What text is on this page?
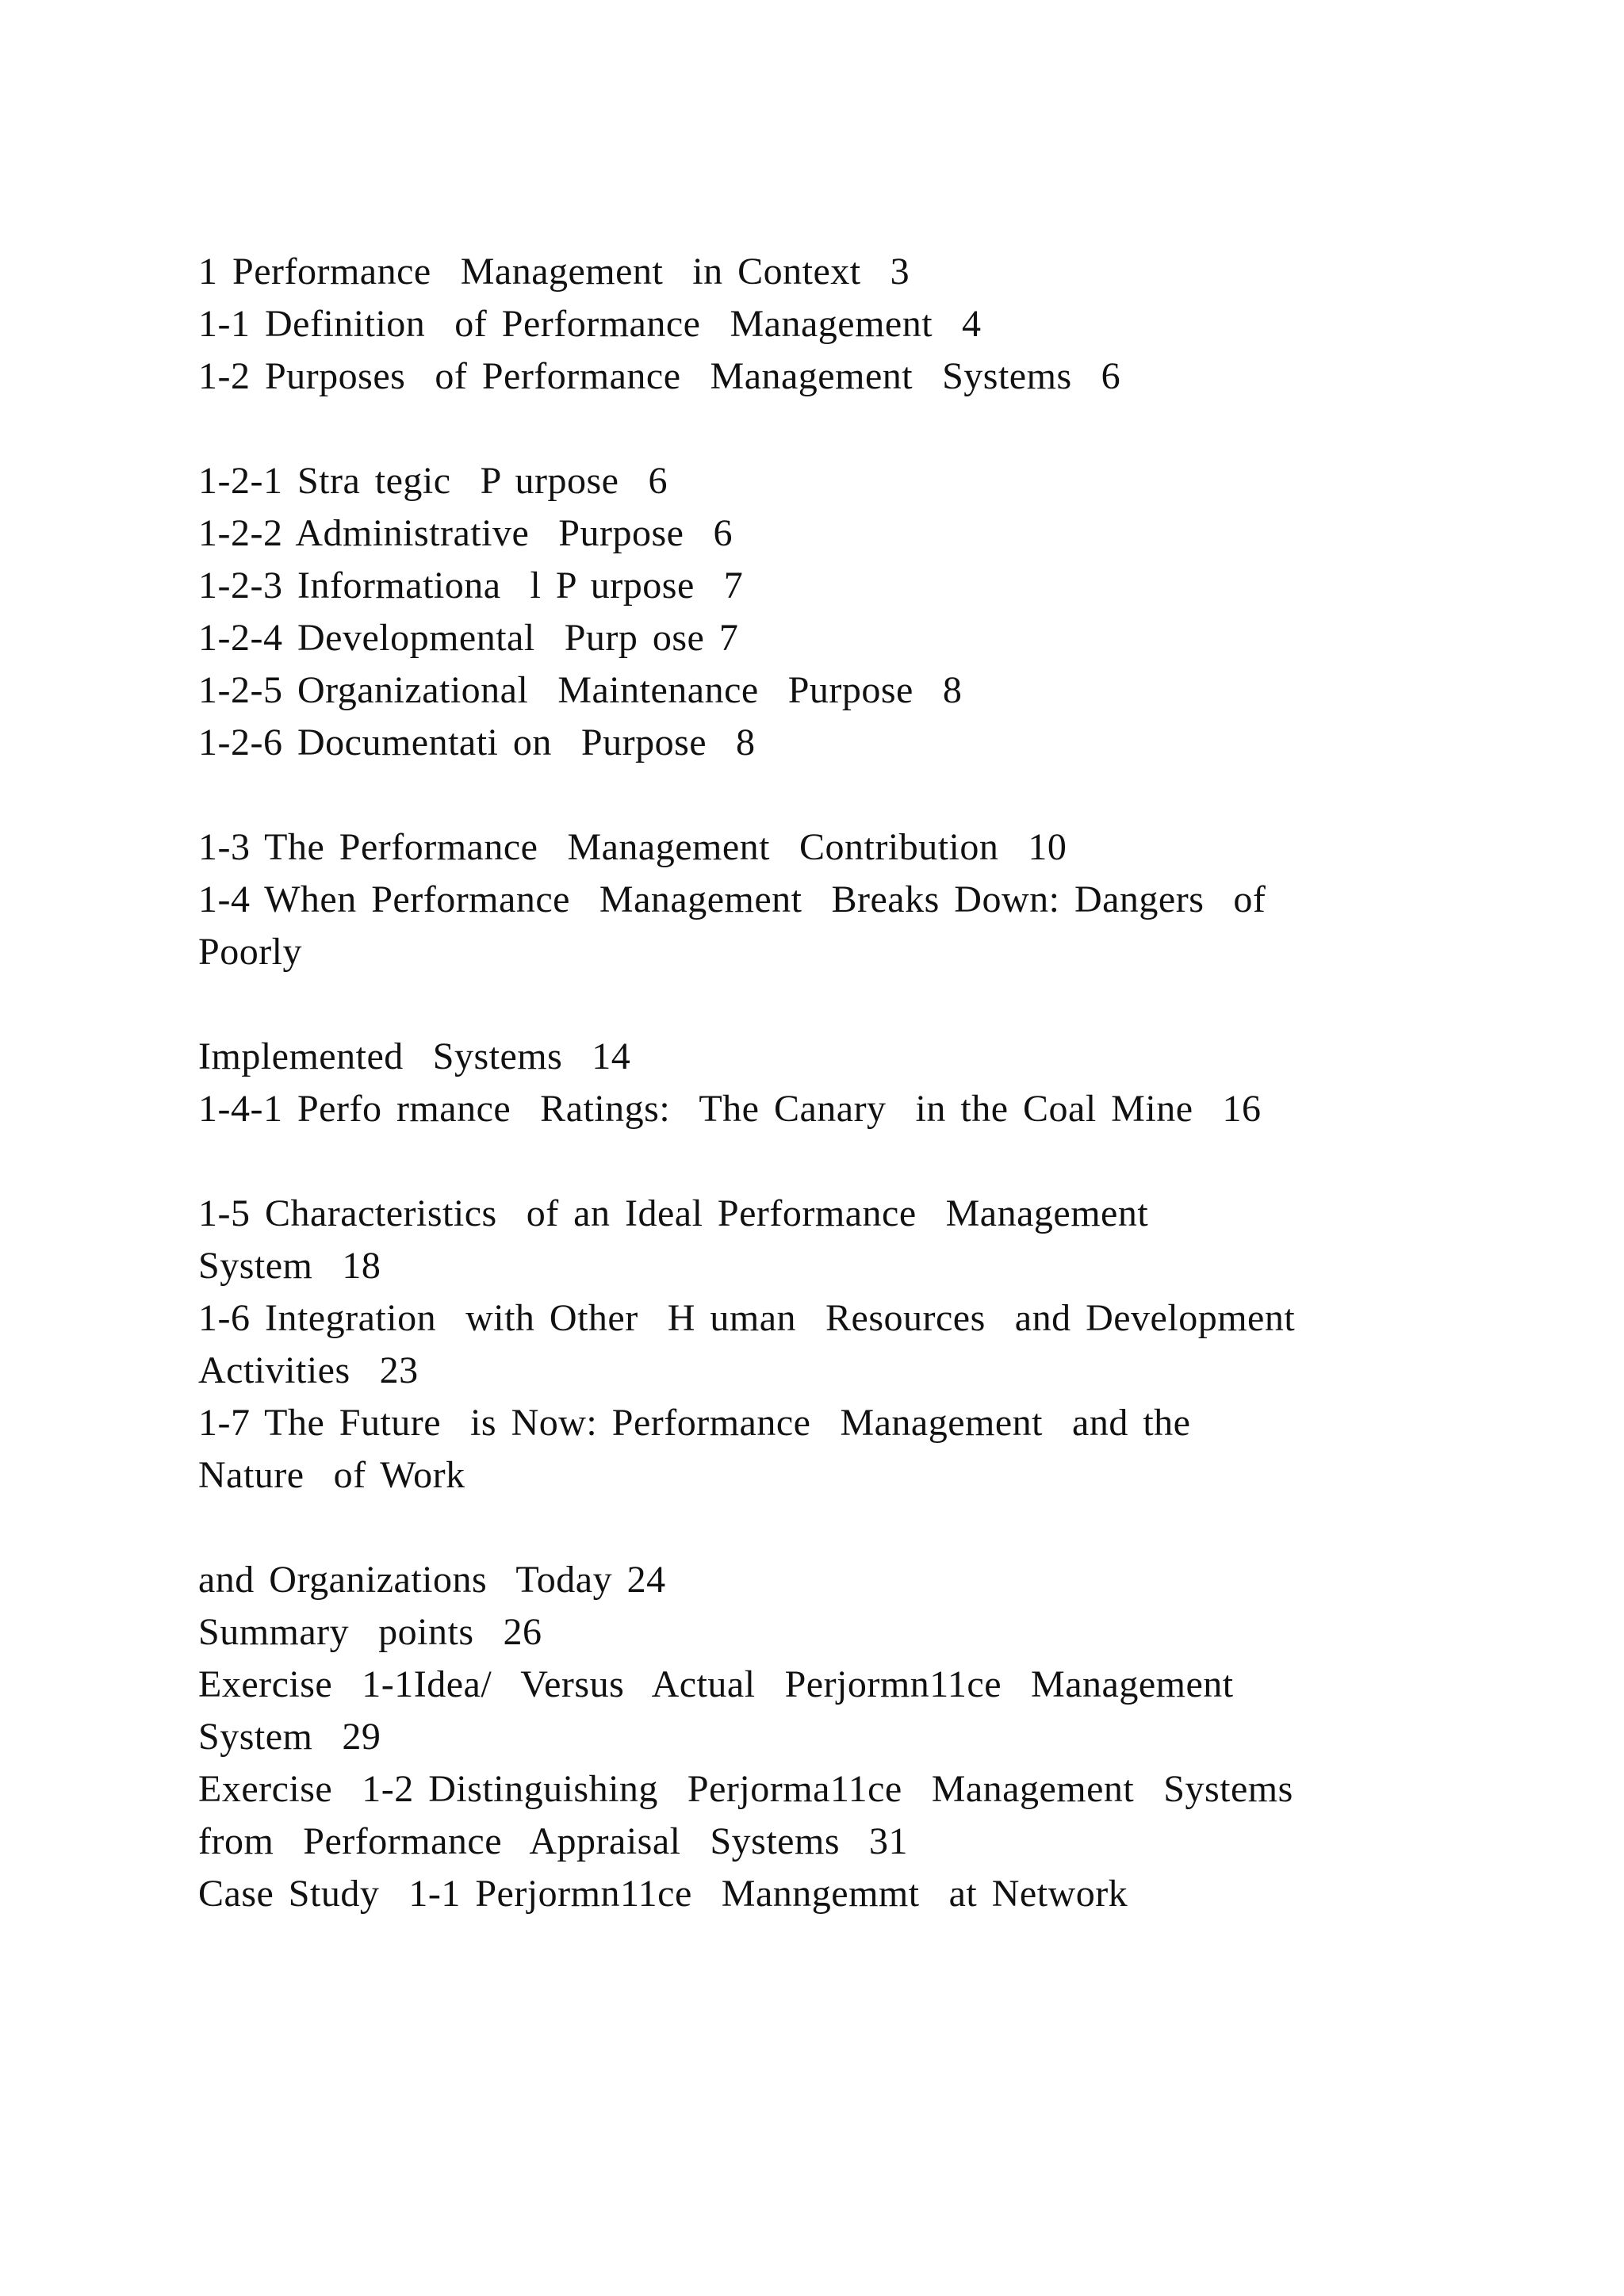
1 Performance  Management  in Context  3
1-1 Definition  of Performance  Management  4
1-2 Purposes  of Performance  Management  Systems  6
1-2-1 Stra tegic  P urpose  6
1-2-2 Administrative  Purpose  6
1-2-3 Informationa  l P urpose  7
1-2-4 Developmental  Purp ose 7
1-2-5 Organizational  Maintenance  Purpose  8
1-2-6 Documentati on  Purpose  8
1-3 The Performance  Management  Contribution  10
1-4 When Performance  Management  Breaks Down: Dangers  of
Poorly
Implemented  Systems  14
1-4-1 Perfo rmance  Ratings:  The Canary  in the Coal Mine  16
1-5 Characteristics  of an Ideal Performance  Management
System  18
1-6 Integration  with Other  H uman  Resources  and Development
Activities  23
1-7 The Future  is Now: Performance  Management  and the
Nature  of Work
and Organizations  Today 24
Summary  points  26
Exercise  1-1Idea/  Versus  Actual  Perjormn11ce  Management
System  29
Exercise  1-2 Distinguishing  Perjorma11ce  Management  Systems
from  Performance  Appraisal  Systems  31
Case Study  1-1 Perjormn11ce  Manngemmt  at Network
